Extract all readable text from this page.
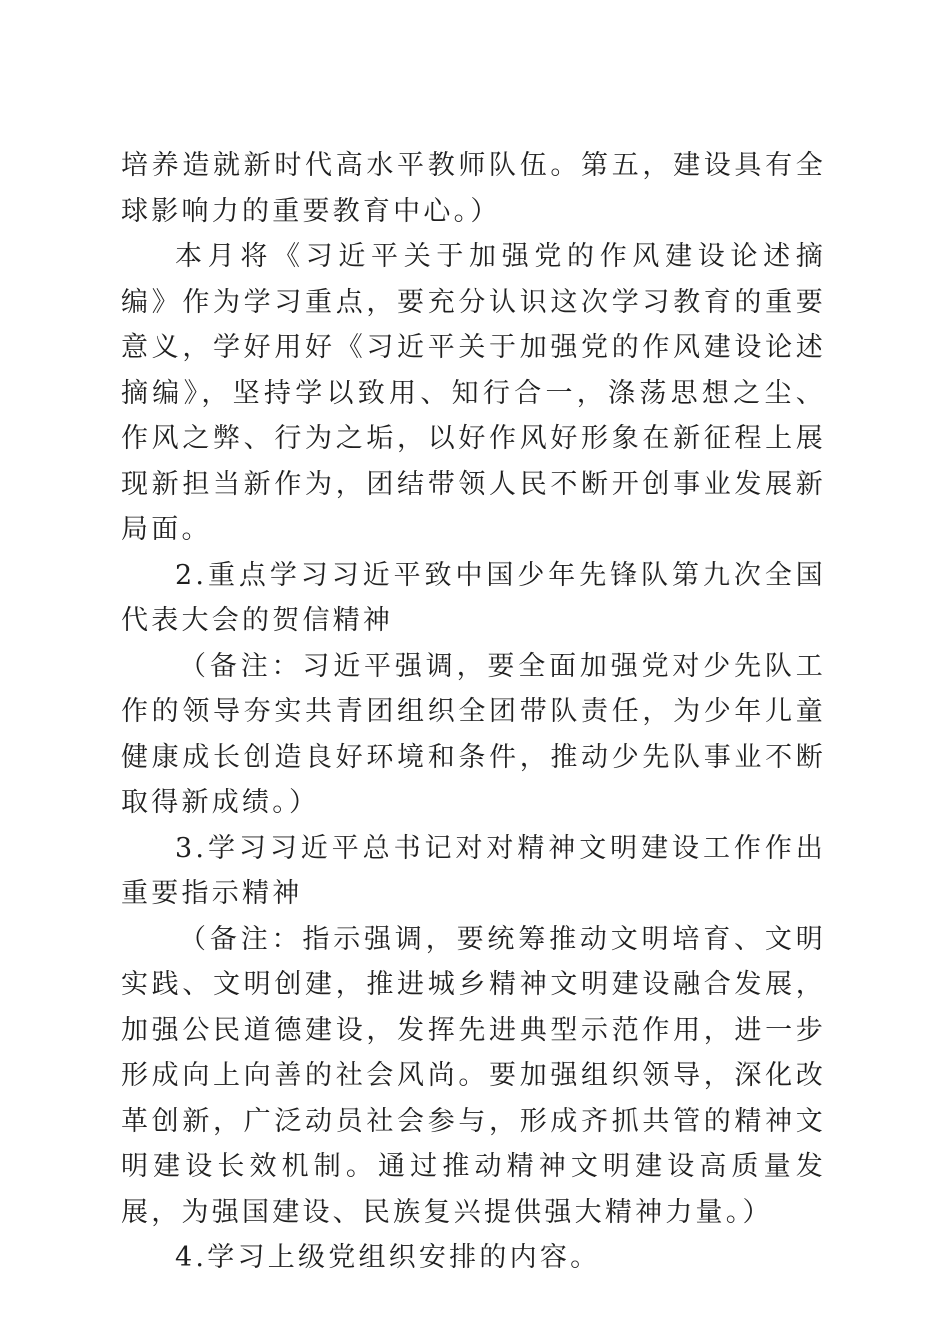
培养造就新时代高水平教师队伍。第五，建设具有全球影响力的重要教育中心。）

本月将《习近平关于加强党的作风建设论述摘编》作为学习重点，要充分认识这次学习教育的重要意义，学好用好《习近平关于加强党的作风建设论述摘编》，坚持学以致用、知行合一，涤荡思想之尘、作风之弊、行为之垢，以好作风好形象在新征程上展现新担当新作为，团结带领人民不断开创事业发展新局面。

2.重点学习习近平致中国少年先锋队第九次全国代表大会的贺信精神

（备注：习近平强调，要全面加强党对少先队工作的领导夯实共青团组织全团带队责任，为少年儿童健康成长创造良好环境和条件，推动少先队事业不断取得新成绩。）

3.学习习近平总书记对对精神文明建设工作作出重要指示精神

（备注：指示强调，要统筹推动文明培育、文明实践、文明创建，推进城乡精神文明建设融合发展，加强公民道德建设，发挥先进典型示范作用，进一步形成向上向善的社会风尚。要加强组织领导，深化改革创新，广泛动员社会参与，形成齐抓共管的精神文明建设长效机制。通过推动精神文明建设高质量发展，为强国建设、民族复兴提供强大精神力量。）

4.学习上级党组织安排的内容。
